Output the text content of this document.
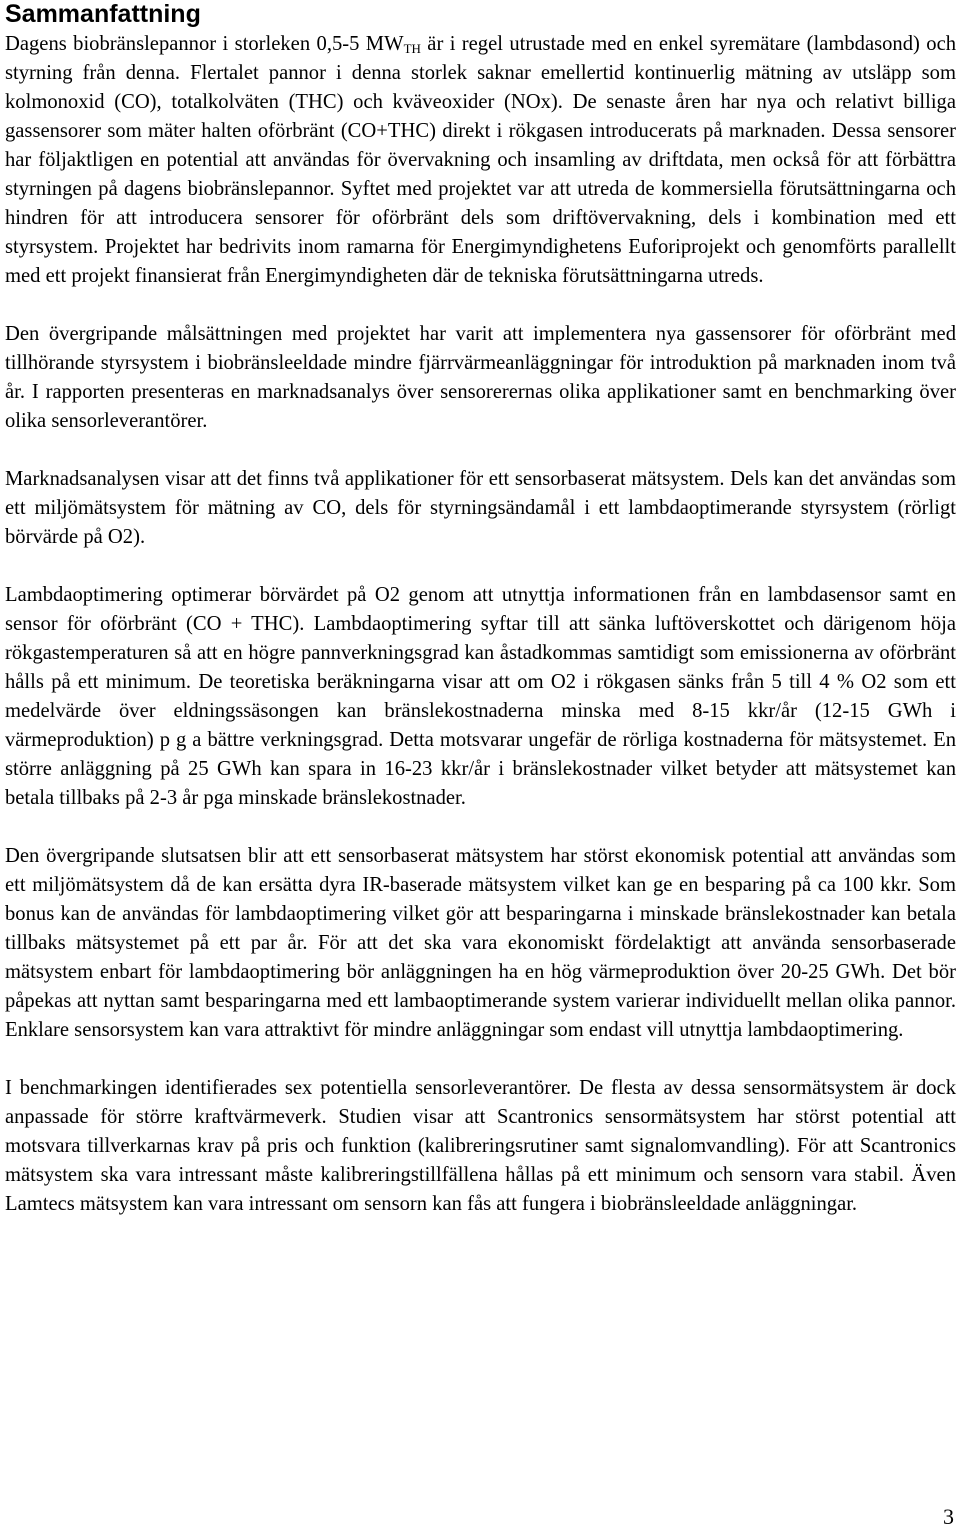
Sammanfattning

Dagens biobränslepannor i storleken 0,5-5 $MW_{TH}$ är i regel utrustade med en enkel syremätare (lambdasond) och styrning från denna. Flertalet pannor i denna storlek saknar emellertid kontinuerlig mätning av utsläpp som kolmonoxid (CO), totalkolväten (THC) och kväveoxider (NOx). De senaste åren har nya och relativt billiga gassensorer som mäter halten oförbränt (CO+THC) direkt i rökgasen introducerats på marknaden. Dessa sensorer har följaktligen en potential att användas för övervakning och insamling av driftdata, men också för att förbättra styrningen på dagens biobränslepannor. Syftet med projektet var att utreda de kommersiella förutsättningarna och hindren för att introducera sensorer för oförbränt dels som driftövervakning, dels i kombination med ett styrsystem. Projektet har bedrivits inom ramarna för Energimyndighetens Euforiprojekt och genomförts parallellt med ett projekt finansierat från Energimyndigheten där de tekniska förutsättningarna utreds.

Den övergripande målsättningen med projektet har varit att implementera nya gassensorer för oförbränt med tillhörande styrsystem i biobränsleeldade mindre fjärrvärmeanläggningar för introduktion på marknaden inom två år. I rapporten presenteras en marknadsanalys över sensorerernas olika applikationer samt en benchmarking över olika sensorleverantörer.

Marknadsanalysen visar att det finns två applikationer för ett sensorbaserat mätsystem. Dels kan det användas som ett miljömätsystem för mätning av CO, dels för styrningsändamål i ett lambdaoptimerande styrsystem (rörligt börvärde på O2).

Lambdaoptimering optimerar börvärdet på O2 genom att utnyttja informationen från en lambdasensor samt en sensor för oförbränt (CO + THC). Lambdaoptimering syftar till att sänka luftöverskottet och därigenom höja rökgastemperaturen så att en högre pannverkningsgrad kan åstadkommas samtidigt som emissionerna av oförbränt hålls på ett minimum. De teoretiska beräkningarna visar att om O2 i rökgasen sänks från 5 till 4 % O2 som ett medelvärde över eldningssäsongen kan bränslekostnaderna minska med 8-15 kkr/år (12-15 GWh i värmeproduktion) p g a bättre verkningsgrad. Detta motsvarar ungefär de rörliga kostnaderna för mätsystemet. En större anläggning på 25 GWh kan spara in 16-23 kkr/år i bränslekostnader vilket betyder att mätsystemet kan betala tillbaks på 2-3 år pga minskade bränslekostnader.

Den övergripande slutsatsen blir att ett sensorbaserat mätsystem har störst ekonomisk potential att användas som ett miljömätsystem då de kan ersätta dyra IR-baserade mätsystem vilket kan ge en besparing på ca 100 kkr. Som bonus kan de användas för lambdaoptimering vilket gör att besparingarna i minskade bränslekostnader kan betala tillbaks mätsystemet på ett par år. För att det ska vara ekonomiskt fördelaktigt att använda sensorbaserade mätsystem enbart för lambdaoptimering bör anläggningen ha en hög värmeproduktion över 20-25 GWh. Det bör påpekas att nyttan samt besparingarna med ett lambaoptimerande system varierar individuellt mellan olika pannor. Enklare sensorsystem kan vara attraktivt för mindre anläggningar som endast vill utnyttja lambdaoptimering.

I benchmarkingen identifierades sex potentiella sensorleverantörer. De flesta av dessa sensormätsystem är dock anpassade för större kraftvärmeverk. Studien visar att Scantronics sensormätsystem har störst potential att motsvara tillverkarnas krav på pris och funktion (kalibreringsrutiner samt signalomvandling). För att Scantronics mätsystem ska vara intressant måste kalibreringstillfällena hållas på ett minimum och sensorn vara stabil. Även Lamtecs mätsystem kan vara intressant om sensorn kan fås att fungera i biobränsleeldade anläggningar.

3
